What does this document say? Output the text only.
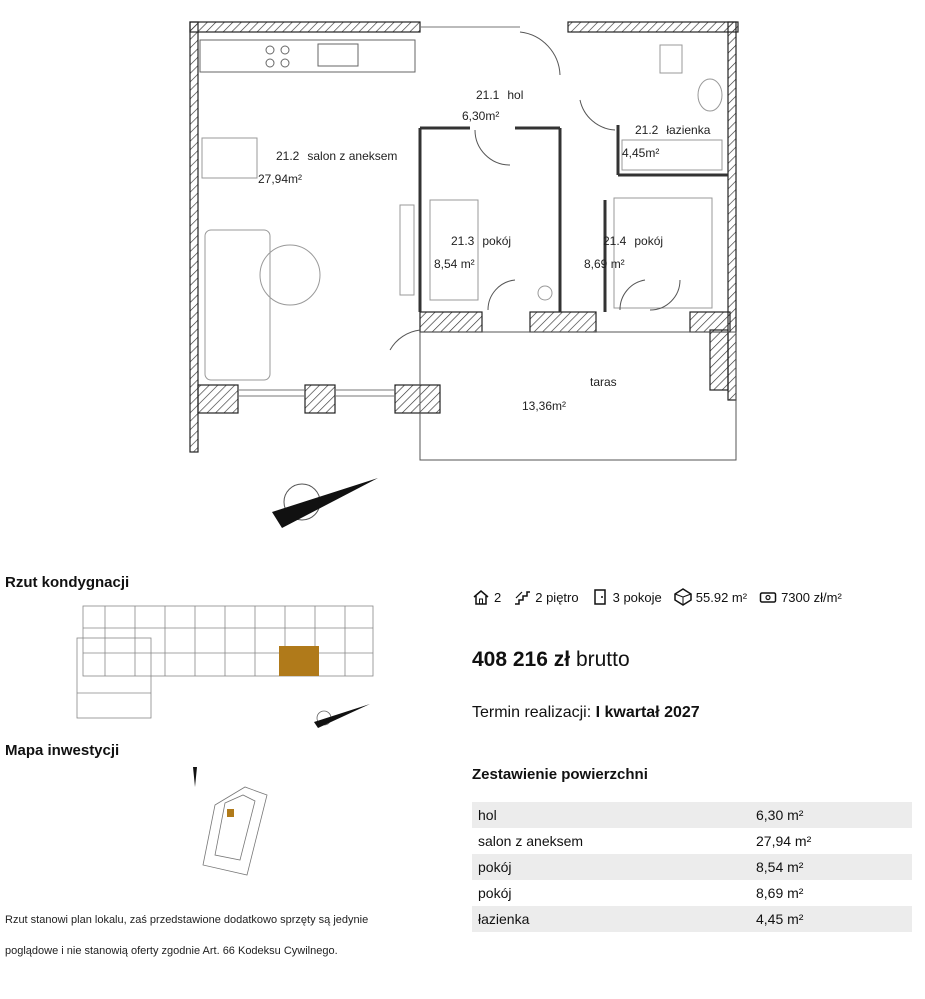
21.1 hol
6,30m²
21.2 salon z aneksem
27,94m²
21.2 łazienka
4,45m²
21.3 pokój
8,54 m²
21.4 pokój
8,69 m²
taras
13,36m²
Rzut kondygnacji
Mapa inwestycji
Rzut stanowi plan lokalu, zaś przedstawione dodatkowo sprzęty są jedynie
poglądowe i nie stanowią oferty zgodnie Art. 66 Kodeksu Cywilnego.
2	2 piętro	3 pokoje	55.92 m²	7300 zł/m²
408 216 zł brutto
Termin realizacji: I kwartał 2027
Zestawienie powierzchni
hol	6,30 m²
salon z aneksem	27,94 m²
pokój	8,54 m²
pokój	8,69 m²
łazienka	4,45 m²
